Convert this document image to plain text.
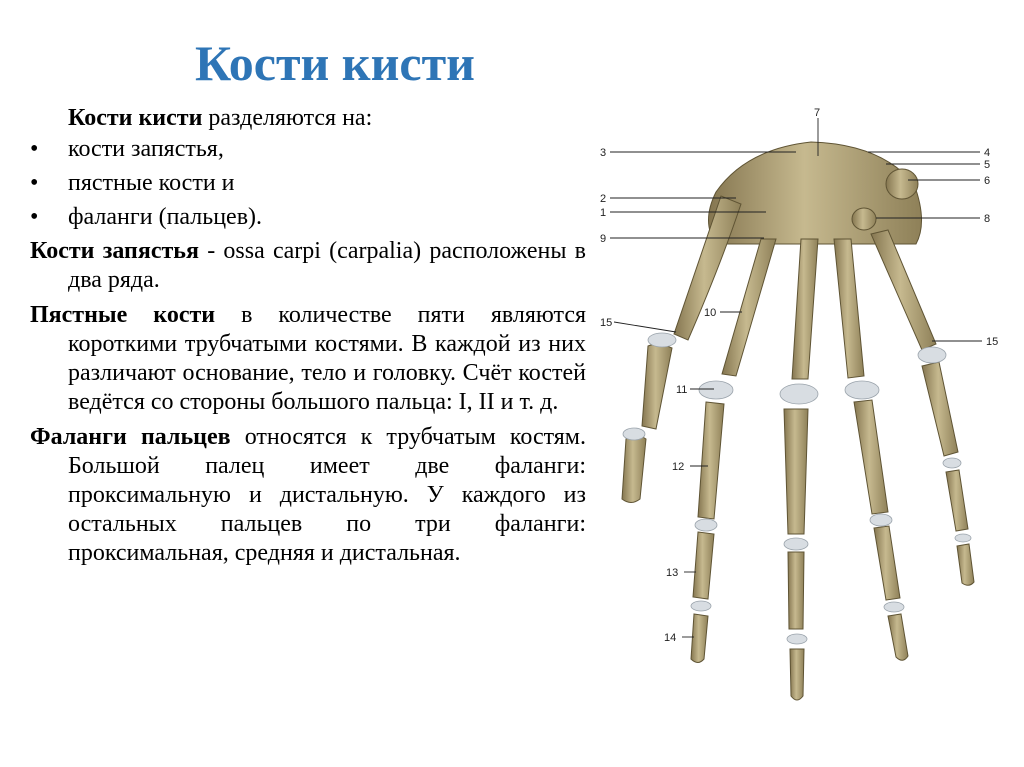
Кости кисти

Кости кисти разделяются на:

• кости запястья,
• пястные кости и
• фаланги (пальцев).

Кости запястья - ossa carpi (carpalia) расположены в два ряда.

Пястные кости в количестве пяти являются короткими трубчатыми костями. В каждой из них различают основание, тело и головку. Счёт костей ведётся со стороны большого пальца: I, II и т. д.

Фаланги пальцев относятся к трубчатым костям. Большой палец имеет две фаланги: проксимальную и дистальную. У каждого из остальных пальцев по три фаланги: проксимальная, средняя и дистальная.

1
2
3	4
5
6
7
8
9
10
11
12
13
14
15
15
